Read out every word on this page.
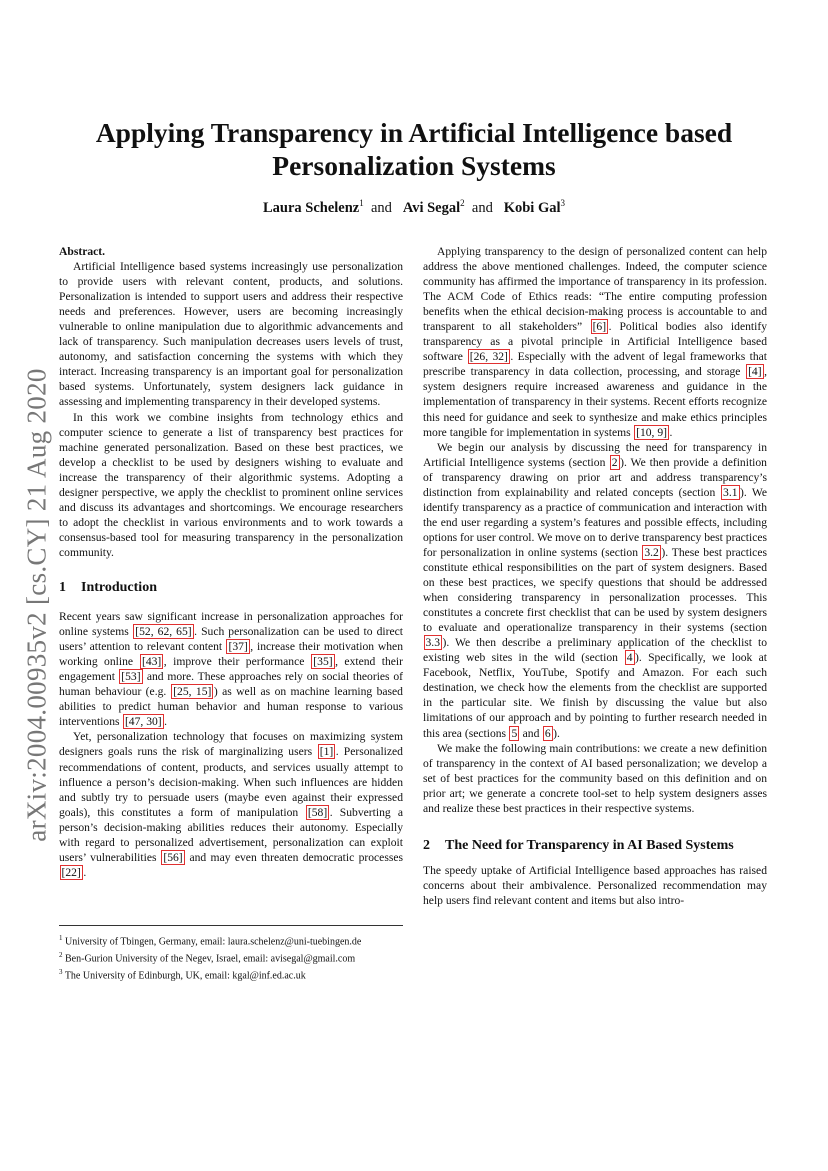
arXiv:2004.00935v2 [cs.CY] 21 Aug 2020
Applying Transparency in Artificial Intelligence based
Personalization Systems
Laura Schelenz$^1$ and Avi Segal$^2$ and Kobi Gal$^3$
Abstract.

Artificial Intelligence based systems increasingly use personalization to provide users with relevant content, products, and solutions. Personalization is intended to support users and address their respective needs and preferences. However, users are becoming increasingly vulnerable to online manipulation due to algorithmic advancements and lack of transparency. Such manipulation decreases users levels of trust, autonomy, and satisfaction concerning the systems with which they interact. Increasing transparency is an important goal for personalization based systems. Unfortunately, system designers lack guidance in assessing and implementing transparency in their developed systems.

In this work we combine insights from technology ethics and computer science to generate a list of transparency best practices for machine generated personalization. Based on these best practices, we develop a checklist to be used by designers wishing to evaluate and increase the transparency of their algorithmic systems. Adopting a designer perspective, we apply the checklist to prominent online services and discuss its advantages and shortcomings. We encourage researchers to adopt the checklist in various environments and to work towards a consensus-based tool for measuring transparency in the personalization community.

1 Introduction

Recent years saw significant increase in personalization approaches for online systems [52, 62, 65] . Such personalization can be used to direct users’ attention to relevant content [37] , increase their motivation when working online [43] , improve their performance [35] , extend their engagement [53] and more. These approaches rely on social theories of human behaviour (e.g. [25, 15] ) as well as on machine learning based abilities to predict human behavior and human response to various interventions [47, 30] .

Yet, personalization technology that focuses on maximizing system designers goals runs the risk of marginalizing users [1] . Personalized recommendations of content, products, and services usually attempt to influence a person’s decision-making. When such influences are hidden and subtly try to persuade users (maybe even against their expressed goals), this constitutes a form of manipulation [58] . Subverting a person’s decision-making abilities reduces their autonomy. Especially with regard to personalized advertisement, personalization can exploit users’ vulnerabilities [56] and may even threaten democratic processes [22] .

Applying transparency to the design of personalized content can help address the above mentioned challenges. Indeed, the computer science community has affirmed the importance of transparency in its profession. The ACM Code of Ethics reads: “The entire computing profession benefits when the ethical decision-making process is accountable to and transparent to all stakeholders” [6] . Political bodies also identify transparency as a pivotal principle in Artificial Intelligence based software [26, 32] . Especially with the advent of legal frameworks that prescribe transparency in data collection, processing, and storage [4] , system designers require increased awareness and guidance in the implementation of transparency in their systems. Recent efforts recognize this need for guidance and seek to synthesize and make ethics principles more tangible for implementation in systems [10, 9] .

We begin our analysis by discussing the need for transparency in Artificial Intelligence systems (section 2 ). We then provide a definition of transparency drawing on prior art and address transparency’s distinction from explainability and related concepts (section 3.1 ). We identify transparency as a practice of communication and interaction with the end user regarding a system’s features and possible effects, including options for user control. We move on to derive transparency best practices for personalization in online systems (section 3.2 ). These best practices constitute ethical responsibilities on the part of system designers. Based on these best practices, we specify questions that should be addressed when considering transparency in personalization processes. This constitutes a concrete first checklist that can be used by system designers to evaluate and operationalize transparency in their systems (section 3.3 ). We then describe a preliminary application of the checklist to existing web sites in the wild (section 4 ). Specifically, we look at Facebook, Netflix, YouTube, Spotify and Amazon. For each such destination, we check how the elements from the checklist are supported in the particular site. We finish by discussing the value but also limitations of our approach and by pointing to further research needed in this area (sections 5 and 6 ).

We make the following main contributions: we create a new definition of transparency in the context of AI based personalization; we develop a set of best practices for the community based on this definition and on prior art; we generate a concrete tool-set to help system designers asses and realize these best practices in their respective systems.

2 The Need for Transparency in AI Based Systems

The speedy uptake of Artificial Intelligence based approaches has raised concerns about their ambivalence. Personalized recommendation may help users find relevant content and items but also intro-

$^1$ University of Tbingen, Germany, email: laura.schelenz@uni-tuebingen.de
$^2$ Ben-Gurion University of the Negev, Israel, email: avisegal@gmail.com
$^3$ The University of Edinburgh, UK, email: kgal@inf.ed.ac.uk
